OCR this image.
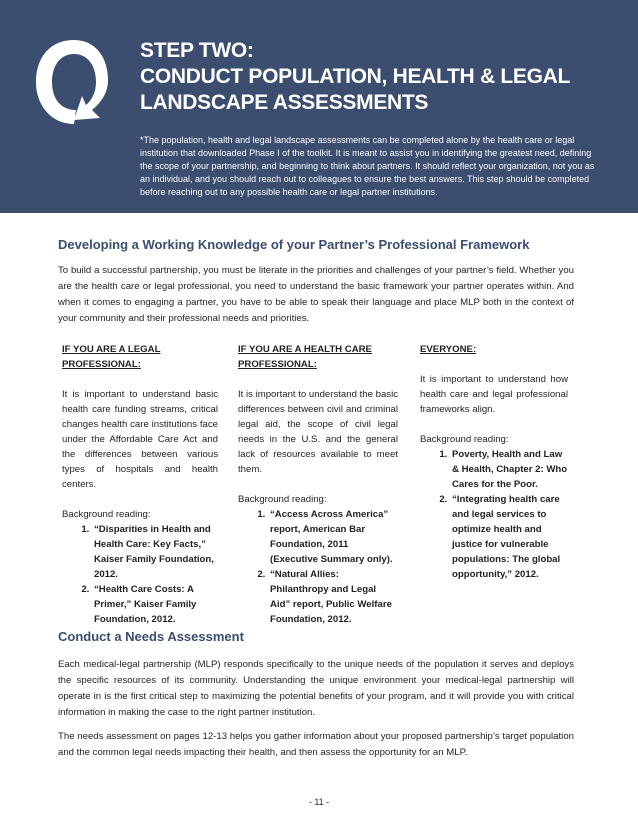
STEP TWO:
CONDUCT POPULATION, HEALTH & LEGAL
LANDSCAPE ASSESSMENTS

*The population, health and legal landscape assessments can be completed alone by the health care or legal institution that downloaded Phase I of the toolkit. It is meant to assist you in identifying the greatest need, defining the scope of your partnership, and beginning to think about partners. It should reflect your organization, not you as an individual, and you should reach out to colleagues to ensure the best answers. This step should be completed before reaching out to any possible health care or legal partner institutions.

Developing a Working Knowledge of your Partner’s Professional Framework

To build a successful partnership, you must be literate in the priorities and challenges of your partner’s field. Whether you are the health care or legal professional, you need to understand the basic framework your partner operates within. And when it comes to engaging a partner, you have to be able to speak their language and place MLP both in the context of your community and their professional needs and priorities.

IF YOU ARE A LEGAL PROFESSIONAL:

It is important to understand basic health care funding streams, critical changes health care institutions face under the Affordable Care Act and the differences between various types of hospitals and health centers.

Background reading:

1. “Disparities in Health and Health Care: Key Facts,” Kaiser Family Foundation, 2012.
2. “Health Care Costs: A Primer,” Kaiser Family Foundation, 2012.

IF YOU ARE A HEALTH CARE PROFESSIONAL:

It is important to understand the basic differences between civil and criminal legal aid, the scope of civil legal needs in the U.S. and the general lack of resources available to meet them.

Background reading:

1. “Access Across America” report, American Bar Foundation, 2011 (Executive Summary only).
2. “Natural Allies: Philanthropy and Legal Aid” report, Public Welfare Foundation, 2012.

EVERYONE:

It is important to understand how health care and legal professional frameworks align.

Background reading:

1. Poverty, Health and Law & Health, Chapter 2: Who Cares for the Poor.
2. “Integrating health care and legal services to optimize health and justice for vulnerable populations: The global opportunity,” 2012.
Conduct a Needs Assessment

Each medical-legal partnership (MLP) responds specifically to the unique needs of the population it serves and deploys the specific resources of its community. Understanding the unique environment your medical-legal partnership will operate in is the first critical step to maximizing the potential benefits of your program, and it will provide you with critical information in making the case to the right partner institution.

The needs assessment on pages 12-13 helps you gather information about your proposed partnership’s target population and the common legal needs impacting their health, and then assess the opportunity for an MLP.

- 11 -
